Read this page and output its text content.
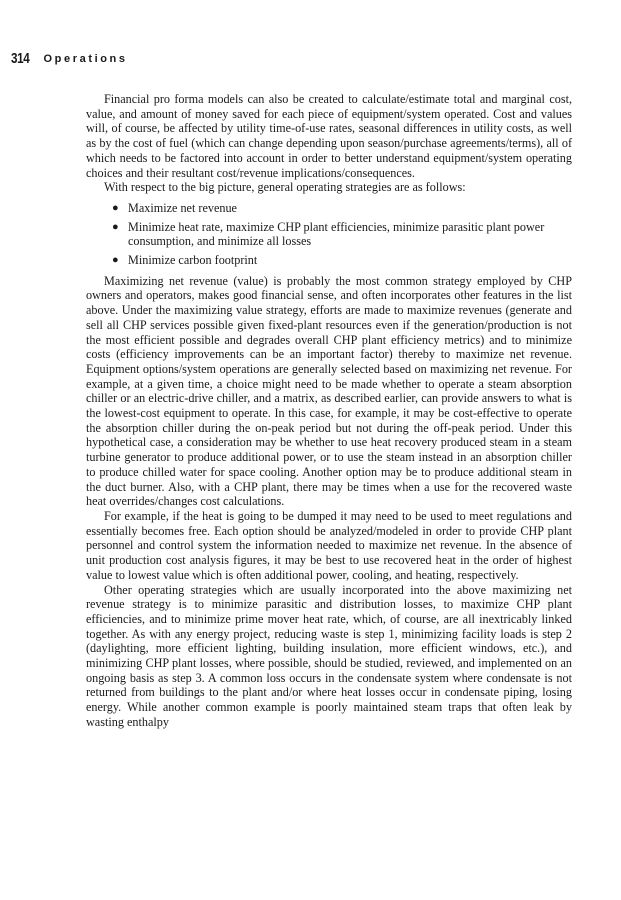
314 Operations

Financial pro forma models can also be created to calculate/estimate total and marginal cost, value, and amount of money saved for each piece of equipment/system operated. Cost and values will, of course, be affected by utility time-of-use rates, seasonal differences in utility costs, as well as by the cost of fuel (which can change depending upon season/purchase agreements/terms), all of which needs to be factored into account in order to better understand equipment/system operating choices and their resultant cost/revenue implications/consequences.

With respect to the big picture, general operating strategies are as follows:

● Maximize net revenue
● Minimize heat rate, maximize CHP plant efficiencies, minimize parasitic plant power consumption, and minimize all losses
● Minimize carbon footprint

Maximizing net revenue (value) is probably the most common strategy employed by CHP owners and operators, makes good financial sense, and often incorporates other features in the list above. Under the maximizing value strategy, efforts are made to maximize revenues (generate and sell all CHP services possible given fixed-plant resources even if the generation/production is not the most efficient possible and degrades overall CHP plant efficiency metrics) and to minimize costs (efficiency improvements can be an important factor) thereby to maximize net revenue. Equipment options/system operations are generally selected based on maximizing net revenue. For example, at a given time, a choice might need to be made whether to operate a steam absorption chiller or an electric-drive chiller, and a matrix, as described earlier, can provide answers to what is the lowest-cost equipment to operate. In this case, for example, it may be cost-effective to operate the absorption chiller during the on-peak period but not during the off-peak period. Under this hypothetical case, a consideration may be whether to use heat recovery produced steam in a steam turbine generator to produce additional power, or to use the steam instead in an absorption chiller to produce chilled water for space cooling. Another option may be to produce additional steam in the duct burner. Also, with a CHP plant, there may be times when a use for the recovered waste heat overrides/changes cost calculations.

For example, if the heat is going to be dumped it may need to be used to meet regulations and essentially becomes free. Each option should be analyzed/modeled in order to provide CHP plant personnel and control system the information needed to maximize net revenue. In the absence of unit production cost analysis figures, it may be best to use recovered heat in the order of highest value to lowest value which is often additional power, cooling, and heating, respectively.

Other operating strategies which are usually incorporated into the above maximizing net revenue strategy is to minimize parasitic and distribution losses, to maximize CHP plant efficiencies, and to minimize prime mover heat rate, which, of course, are all inextricably linked together. As with any energy project, reducing waste is step 1, minimizing facility loads is step 2 (daylighting, more efficient lighting, building insulation, more efficient windows, etc.), and minimizing CHP plant losses, where possible, should be studied, reviewed, and implemented on an ongoing basis as step 3. A common loss occurs in the condensate system where condensate is not returned from buildings to the plant and/or where heat losses occur in condensate piping, losing energy. While another common example is poorly maintained steam traps that often leak by wasting enthalpy
